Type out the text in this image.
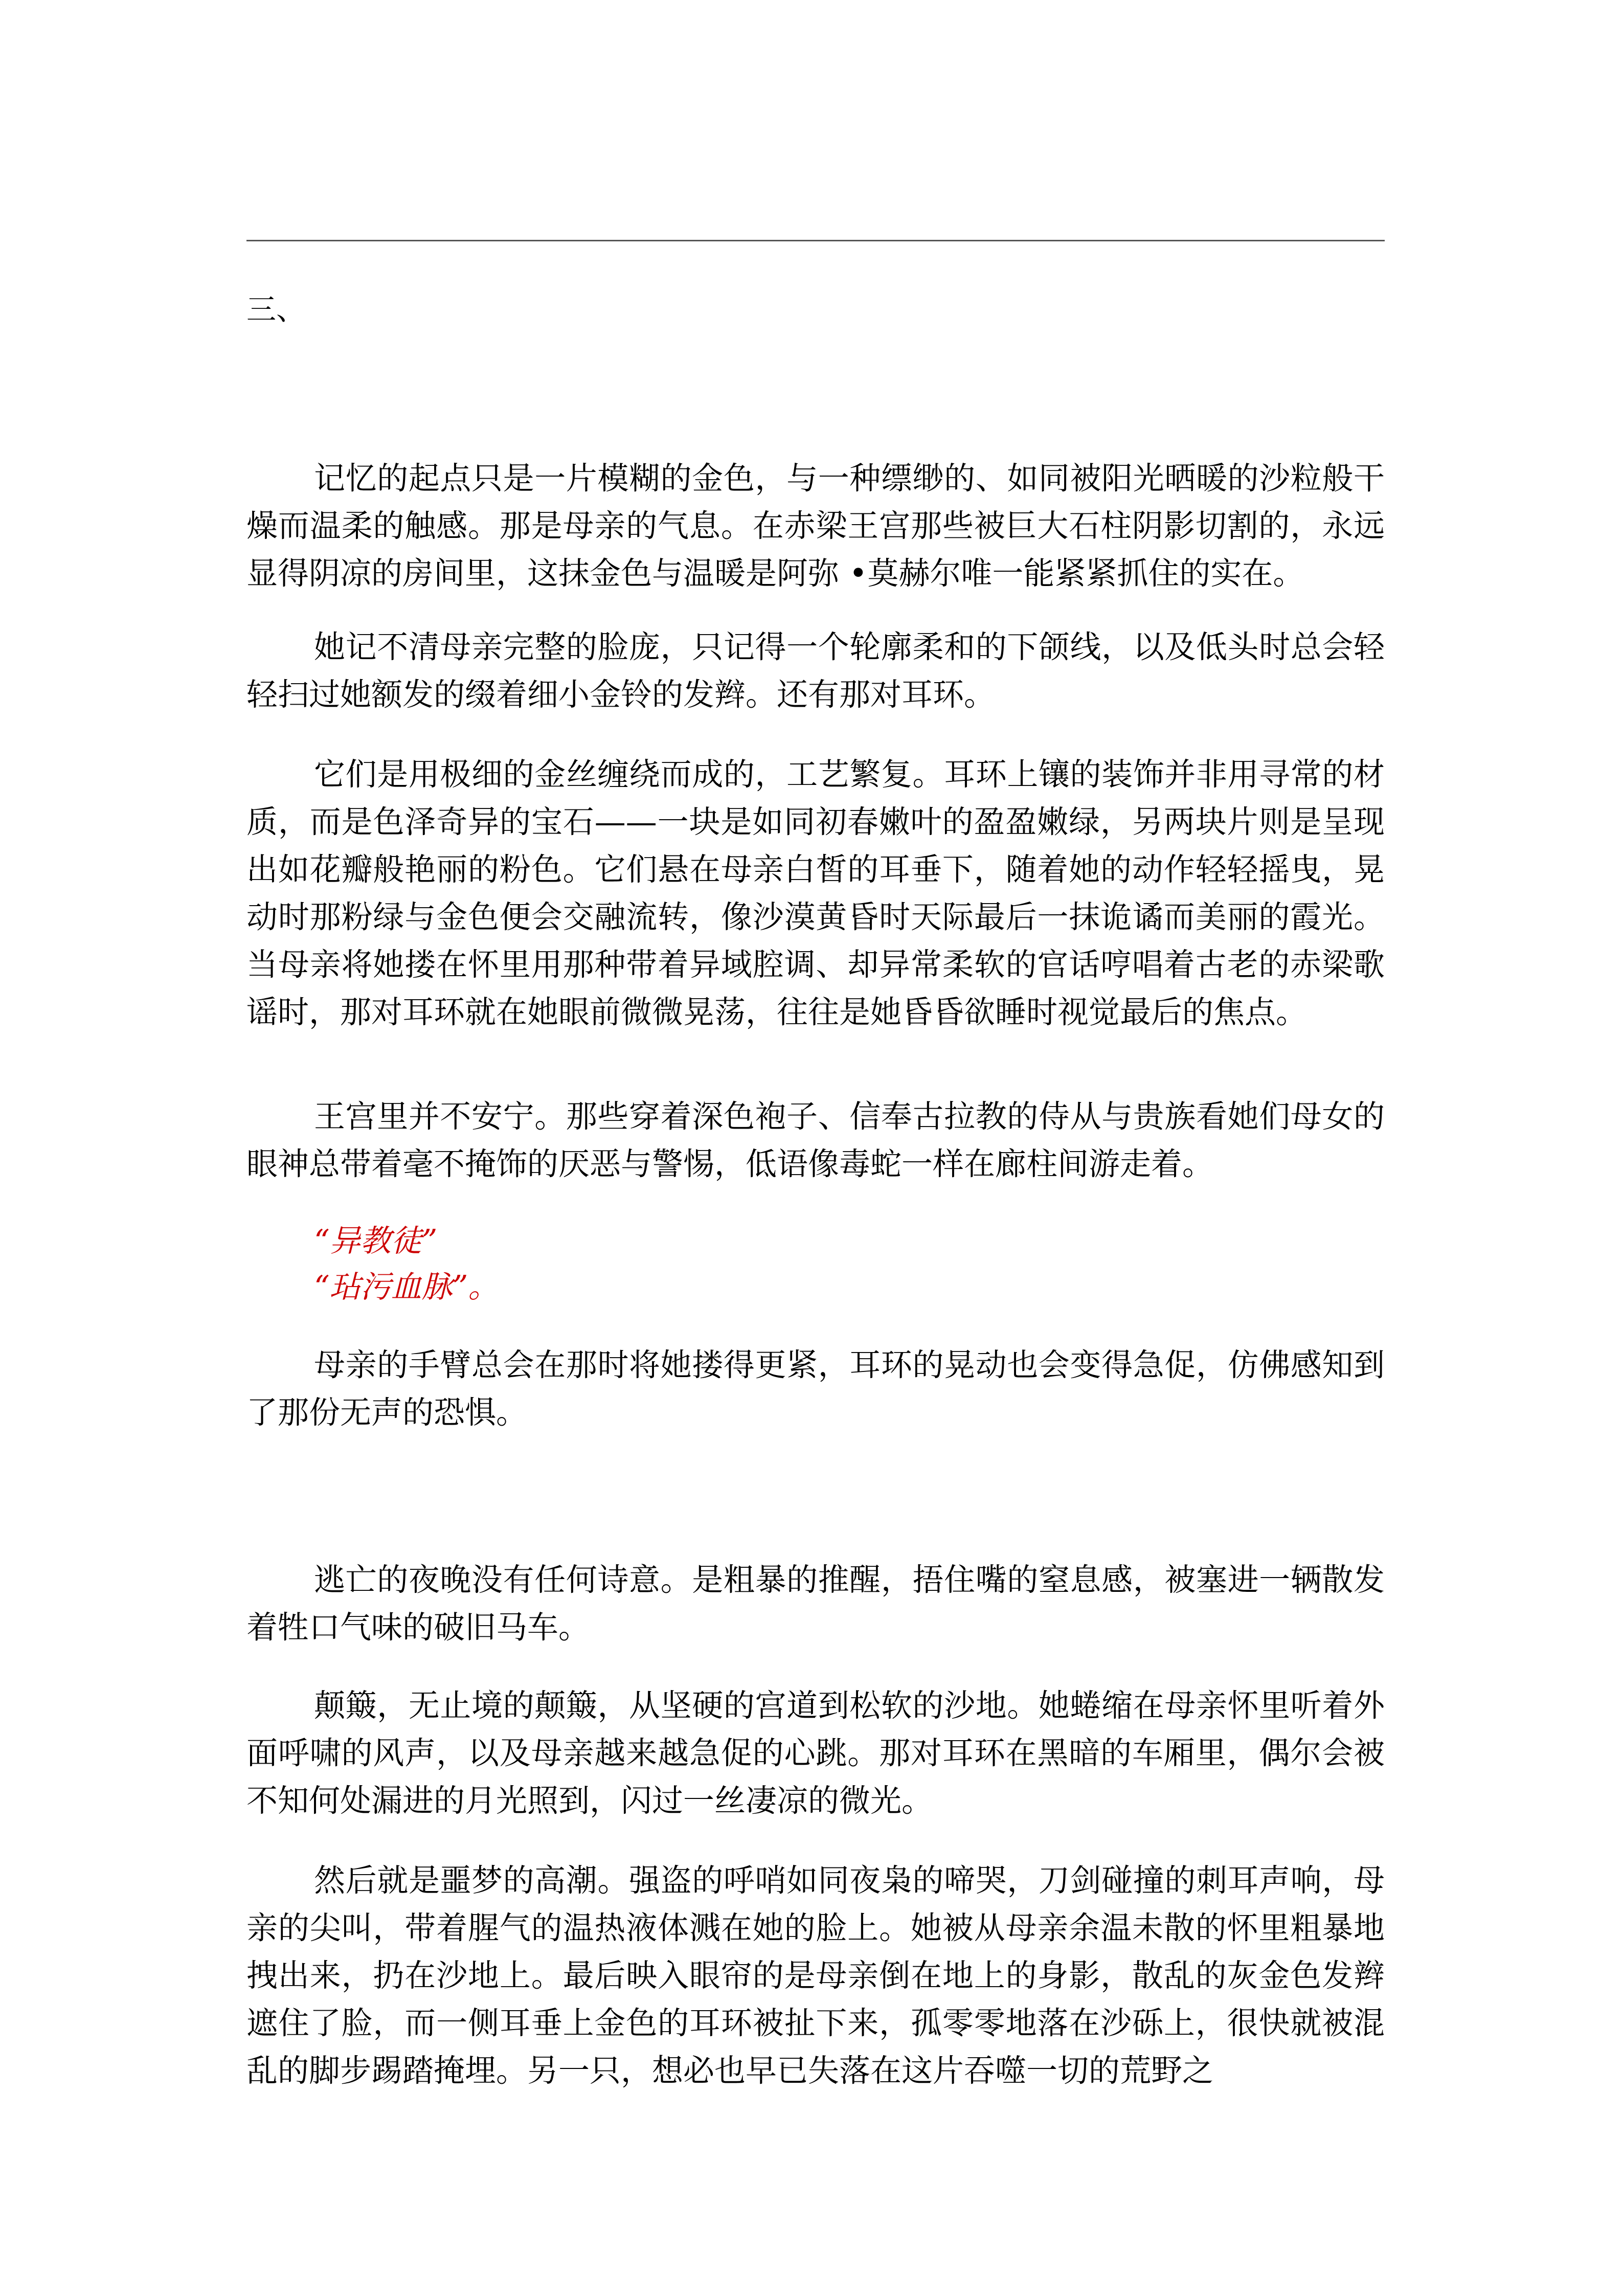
三、

记忆的起点只是一片模糊的金色，与一种缥缈的、如同被阳光晒暖的沙粒般干燥而温柔的触感。那是母亲的气息。在赤梁王宫那些被巨大石柱阴影切割的，永远显得阴凉的房间里，这抹金色与温暖是阿弥 •莫赫尔唯一能紧紧抓住的实在。

她记不清母亲完整的脸庞，只记得一个轮廓柔和的下颌线，以及低头时总会轻轻扫过她额发的缀着细小金铃的发辫。还有那对耳环。

它们是用极细的金丝缠绕而成的，工艺繁复。耳环上镶的装饰并非用寻常的材质，而是色泽奇异的宝石——一块是如同初春嫩叶的盈盈嫩绿，另两块片则是呈现出如花瓣般艳丽的粉色。它们悬在母亲白皙的耳垂下，随着她的动作轻轻摇曳，晃动时那粉绿与金色便会交融流转，像沙漠黄昏时天际最后一抹诡谲而美丽的霞光。当母亲将她搂在怀里用那种带着异域腔调、却异常柔软的官话哼唱着古老的赤梁歌谣时，那对耳环就在她眼前微微晃荡，往往是她昏昏欲睡时视觉最后的焦点。

王宫里并不安宁。那些穿着深色袍子、信奉古拉教的侍从与贵族看她们母女的眼神总带着毫不掩饰的厌恶与警惕，低语像毒蛇一样在廊柱间游走着。

“异教徒”

“玷污血脉”。

母亲的手臂总会在那时将她搂得更紧，耳环的晃动也会变得急促，仿佛感知到了那份无声的恐惧。

逃亡的夜晚没有任何诗意。是粗暴的推醒，捂住嘴的窒息感，被塞进一辆散发着牲口气味的破旧马车。

颠簸，无止境的颠簸，从坚硬的宫道到松软的沙地。她蜷缩在母亲怀里听着外面呼啸的风声，以及母亲越来越急促的心跳。那对耳环在黑暗的车厢里，偶尔会被不知何处漏进的月光照到，闪过一丝凄凉的微光。

然后就是噩梦的高潮。强盗的呼哨如同夜枭的啼哭，刀剑碰撞的刺耳声响，母亲的尖叫，带着腥气的温热液体溅在她的脸上。她被从母亲余温未散的怀里粗暴地拽出来，扔在沙地上。最后映入眼帘的是母亲倒在地上的身影，散乱的灰金色发辫遮住了脸，而一侧耳垂上金色的耳环被扯下来，孤零零地落在沙砾上，很快就被混乱的脚步踢踏掩埋。另一只，想必也早已失落在这片吞噬一切的荒野之
